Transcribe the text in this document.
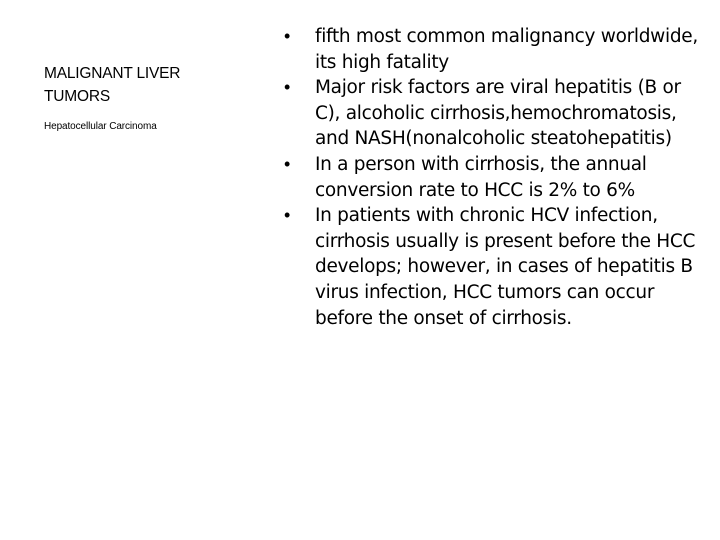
MALIGNANT LIVER TUMORS
Hepatocellular Carcinoma
• fifth most common malignancy worldwide, its high fatality
• Major risk factors are viral hepatitis (B or C), alcoholic cirrhosis,hemochromatosis, and NASH(nonalcoholic steatohepatitis)
• In a person with cirrhosis, the annual conversion rate to HCC is 2% to 6%
• In patients with chronic HCV infection, cirrhosis usually is present before the HCC develops; however, in cases of hepatitis B virus infection, HCC tumors can occur before the onset of cirrhosis.
